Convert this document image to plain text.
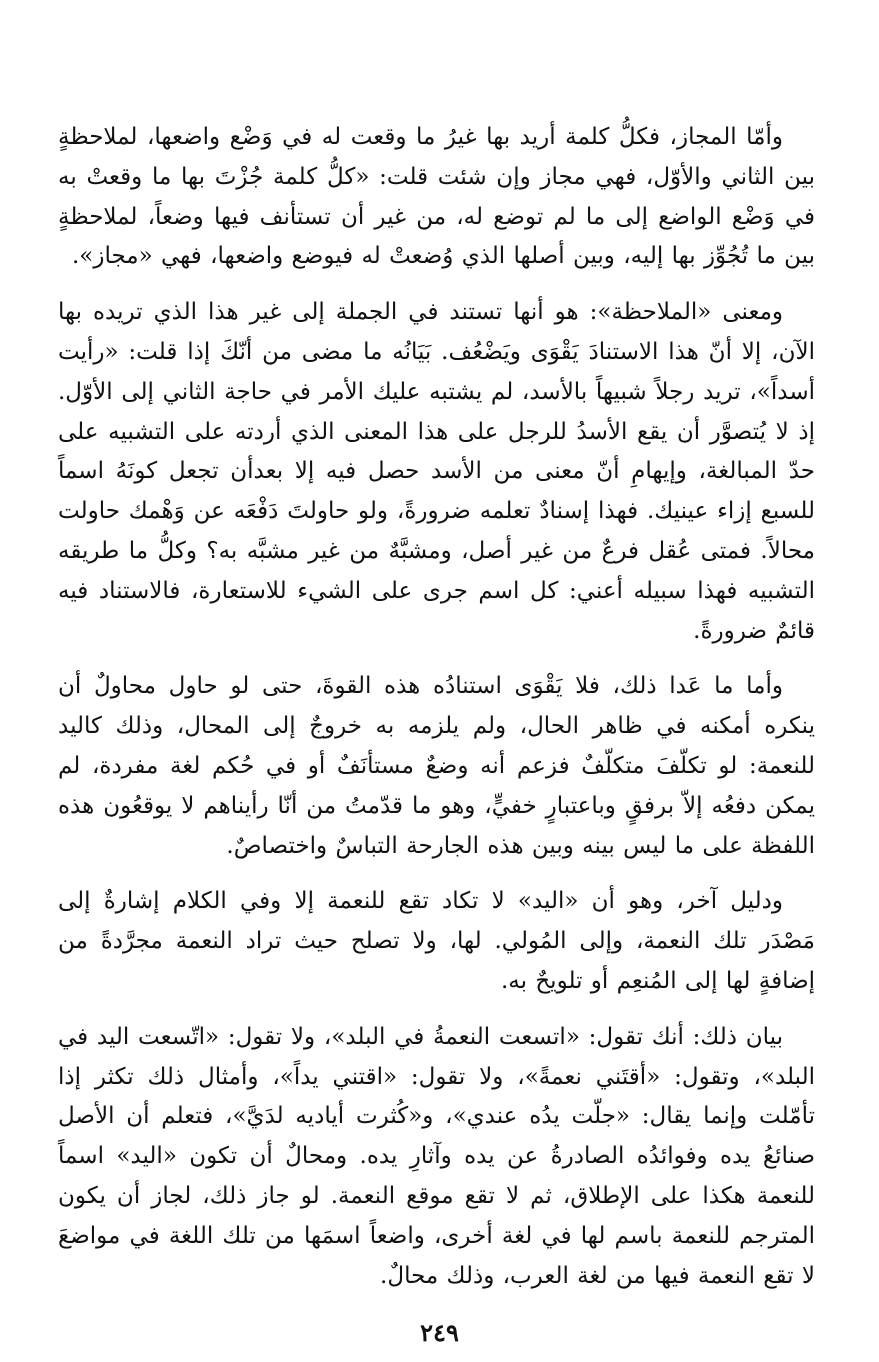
وأمّا المجاز، فكلُّ كلمة أريد بها غيرُ ما وقعت له في وَضْع واضعها، لملاحظةٍ بين الثاني والأوّل، فهي مجاز وإن شئت قلت: «كلُّ كلمة جُزْتَ بها ما وقعتْ به في وَضْع الواضع إلى ما لم توضع له، من غير أن تستأنف فيها وضعاً، لملاحظةٍ بين ما تُجُوِّز بها إليه، وبين أصلها الذي وُضعتْ له فيوضع واضعها، فهي «مجاز».

ومعنى «الملاحظة»: هو أنها تستند في الجملة إلى غير هذا الذي تريده بها الآن، إلا أنّ هذا الاستنادَ يَقْوَى ويَضْعُف. بَيَانُه ما مضى من أنّكَ إذا قلت: «رأيت أسداً»، تريد رجلاً شبيهاً بالأسد، لم يشتبه عليك الأمر في حاجة الثاني إلى الأوّل. إذ لا يُتصوَّر أن يقع الأسدُ للرجل على هذا المعنى الذي أردته على التشبيه على حدّ المبالغة، وإيهامِ أنّ معنى من الأسد حصل فيه إلا بعدأن تجعل كونَهُ اسماً للسبع إزاء عينيك. فهذا إسنادٌ تعلمه ضرورةً، ولو حاولتَ دَفْعَه عن وَهْمك حاولت محالاً. فمتى عُقل فرعٌ من غير أصل، ومشبَّهٌ من غير مشبَّه به؟ وكلُّ ما طريقه التشبيه فهذا سبيله أعني: كل اسم جرى على الشيء للاستعارة، فالاستناد فيه قائمٌ ضرورةً.

وأما ما عَدا ذلك، فلا يَقْوَى استنادُه هذه القوةَ، حتى لو حاول محاولٌ أن ينكره أمكنه في ظاهر الحال، ولم يلزمه به خروجٌ إلى المحال، وذلك كاليد للنعمة: لو تكلّفَ متكلّفٌ فزعم أنه وضعٌ مستأنَفٌ أو في حُكم لغة مفردة، لم يمكن دفعُه إلاّ برفقٍ وباعتبارٍ خفيٍّ، وهو ما قدّمتُ من أنّا رأيناهم لا يوقعُون هذه اللفظة على ما ليس بينه وبين هذه الجارحة التباسٌ واختصاصٌ.

ودليل آخر، وهو أن «اليد» لا تكاد تقع للنعمة إلا وفي الكلام إشارةٌ إلى مَصْدَر تلك النعمة، وإلى المُولي. لها، ولا تصلح حيث تراد النعمة مجرَّدةً من إضافةٍ لها إلى المُنعِم أو تلويحٌ به.

بيان ذلك: أنك تقول: «اتسعت النعمةُ في البلد»، ولا تقول: «اتّسعت اليد في البلد»، وتقول: «أقتَني نعمةً»، ولا تقول: «اقتني يداً»، وأمثال ذلك تكثر إذا تأمّلت وإنما يقال: «جلّت يدُه عندي»، و«كُثرت أياديه لدَيَّ»، فتعلم أن الأصل صنائعُ يده وفوائدُه الصادرةُ عن يده وآثارِ يده. ومحالٌ أن تكون «اليد» اسماً للنعمة هكذا على الإطلاق، ثم لا تقع موقع النعمة. لو جاز ذلك، لجاز أن يكون المترجم للنعمة باسم لها في لغة أخرى، واضعاً اسمَها من تلك اللغة في مواضعَ لا تقع النعمة فيها من لغة العرب، وذلك محالٌ.

٢٤٩
